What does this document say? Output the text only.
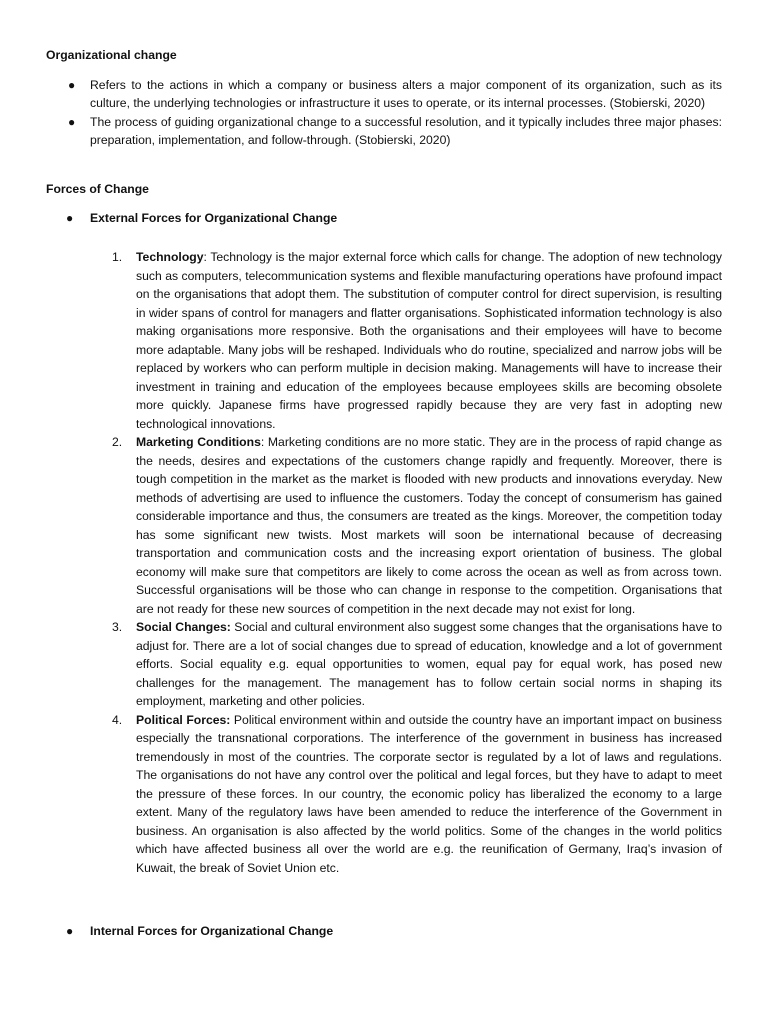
Organizational change
● Refers to the actions in which a company or business alters a major component of its organization, such as its culture, the underlying technologies or infrastructure it uses to operate, or its internal processes. (Stobierski, 2020)
● The process of guiding organizational change to a successful resolution, and it typically includes three major phases: preparation, implementation, and follow-through. (Stobierski, 2020)
Forces of Change
● External Forces for Organizational Change
1. Technology: Technology is the major external force which calls for change. The adoption of new technology such as computers, telecommunication systems and flexible manufacturing operations have profound impact on the organisations that adopt them. The substitution of computer control for direct supervision, is resulting in wider spans of control for managers and flatter organisations. Sophisticated information technology is also making organisations more responsive. Both the organisations and their employees will have to become more adaptable. Many jobs will be reshaped. Individuals who do routine, specialized and narrow jobs will be replaced by workers who can perform multiple in decision making. Managements will have to increase their investment in training and education of the employees because employees skills are becoming obsolete more quickly. Japanese firms have progressed rapidly because they are very fast in adopting new technological innovations.
2. Marketing Conditions: Marketing conditions are no more static. They are in the process of rapid change as the needs, desires and expectations of the customers change rapidly and frequently. Moreover, there is tough competition in the market as the market is flooded with new products and innovations everyday. New methods of advertising are used to influence the customers. Today the concept of consumerism has gained considerable importance and thus, the consumers are treated as the kings. Moreover, the competition today has some significant new twists. Most markets will soon be international because of decreasing transportation and communication costs and the increasing export orientation of business. The global economy will make sure that competitors are likely to come across the ocean as well as from across town. Successful organisations will be those who can change in response to the competition. Organisations that are not ready for these new sources of competition in the next decade may not exist for long.
3. Social Changes: Social and cultural environment also suggest some changes that the organisations have to adjust for. There are a lot of social changes due to spread of education, knowledge and a lot of government efforts. Social equality e.g. equal opportunities to women, equal pay for equal work, has posed new challenges for the management. The management has to follow certain social norms in shaping its employment, marketing and other policies.
4. Political Forces: Political environment within and outside the country have an important impact on business especially the transnational corporations. The interference of the government in business has increased tremendously in most of the countries. The corporate sector is regulated by a lot of laws and regulations. The organisations do not have any control over the political and legal forces, but they have to adapt to meet the pressure of these forces. In our country, the economic policy has liberalized the economy to a large extent. Many of the regulatory laws have been amended to reduce the interference of the Government in business. An organisation is also affected by the world politics. Some of the changes in the world politics which have affected business all over the world are e.g. the reunification of Germany, Iraq’s invasion of Kuwait, the break of Soviet Union etc.
● Internal Forces for Organizational Change
